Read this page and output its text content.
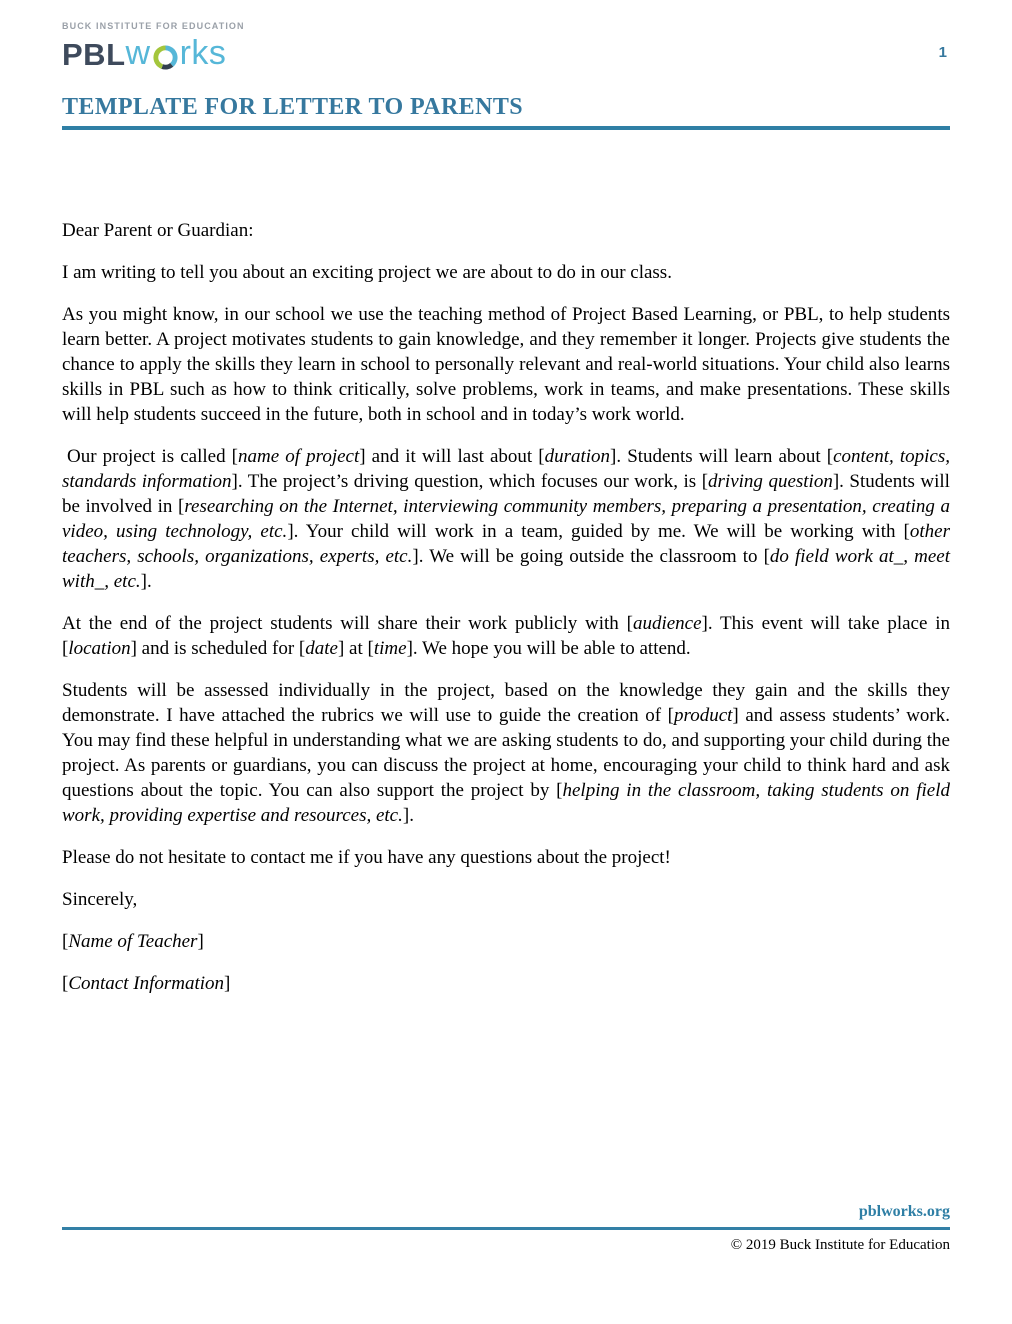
BUCK INSTITUTE FOR EDUCATION
PBL w rks
TEMPLATE FOR LETTER TO PARENTS

Dear Parent or Guardian:

I am writing to tell you about an exciting project we are about to do in our class.

As you might know, in our school we use the teaching method of Project Based Learning, or PBL, to help students learn better. A project motivates students to gain knowledge, and they remember it longer. Projects give students the chance to apply the skills they learn in school to personally relevant and real-world situations. Your child also learns skills in PBL such as how to think critically, solve problems, work in teams, and make presentations. These skills will help students succeed in the future, both in school and in today’s work world.

Our project is called [name of project] and it will last about [duration]. Students will learn about [content, topics, standards information]. The project’s driving question, which focuses our work, is [driving question]. Students will be involved in [researching on the Internet, interviewing community members, preparing a presentation, creating a video, using technology, etc.]. Your child will work in a team, guided by me. We will be working with [other teachers, schools, organizations, experts, etc.]. We will be going outside the classroom to [do field work at_, meet with_, etc.].

At the end of the project students will share their work publicly with [audience]. This event will take place in [location] and is scheduled for [date] at [time]. We hope you will be able to attend.

Students will be assessed individually in the project, based on the knowledge they gain and the skills they demonstrate. I have attached the rubrics we will use to guide the creation of [product] and assess students’ work. You may find these helpful in understanding what we are asking students to do, and supporting your child during the project. As parents or guardians, you can discuss the project at home, encouraging your child to think hard and ask questions about the topic. You can also support the project by [helping in the classroom, taking students on field work, providing expertise and resources, etc.].

Please do not hesitate to contact me if you have any questions about the project!

Sincerely,

[Name of Teacher]

[Contact Information]

1
pblworks.org
© 2019 Buck Institute for Education
